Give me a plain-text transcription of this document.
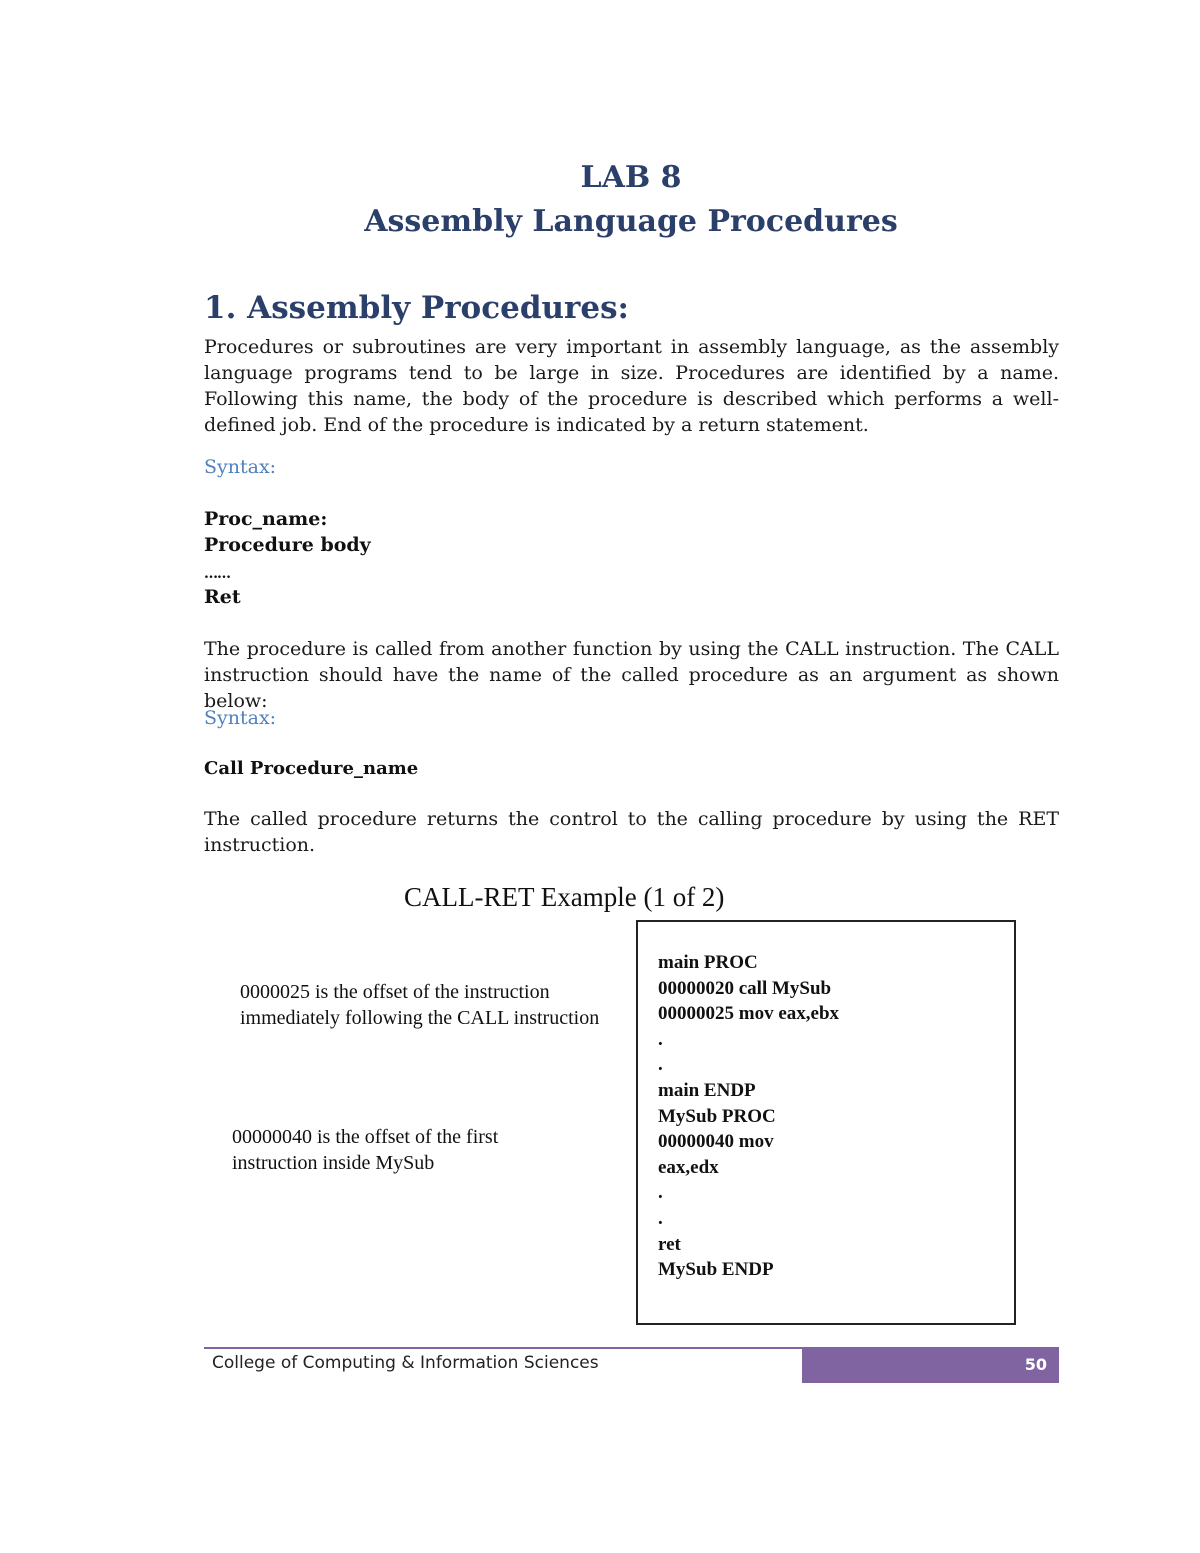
LAB 8
Assembly Language Procedures
1. Assembly Procedures:
Procedures or subroutines are very important in assembly language, as the assembly language programs tend to be large in size. Procedures are identified by a name. Following this name, the body of the procedure is described which performs a well-defined job. End of the procedure is indicated by a return statement.
Syntax:
Proc_name:
Procedure body
……
Ret
The procedure is called from another function by using the CALL instruction. The CALL instruction should have the name of the called procedure as an argument as shown below:
Syntax:
Call Procedure_name
The called procedure returns the control to the calling procedure by using the RET instruction.
CALL-RET Example (1 of 2)
0000025 is the offset of the instruction immediately following the CALL instruction
00000040 is the offset of the first instruction inside MySub
main PROC
00000020 call MySub
00000025 mov eax,ebx
.
.
main ENDP
MySub PROC
00000040 mov
eax,edx
.
.
ret
MySub ENDP
College of Computing & Information Sciences	50
